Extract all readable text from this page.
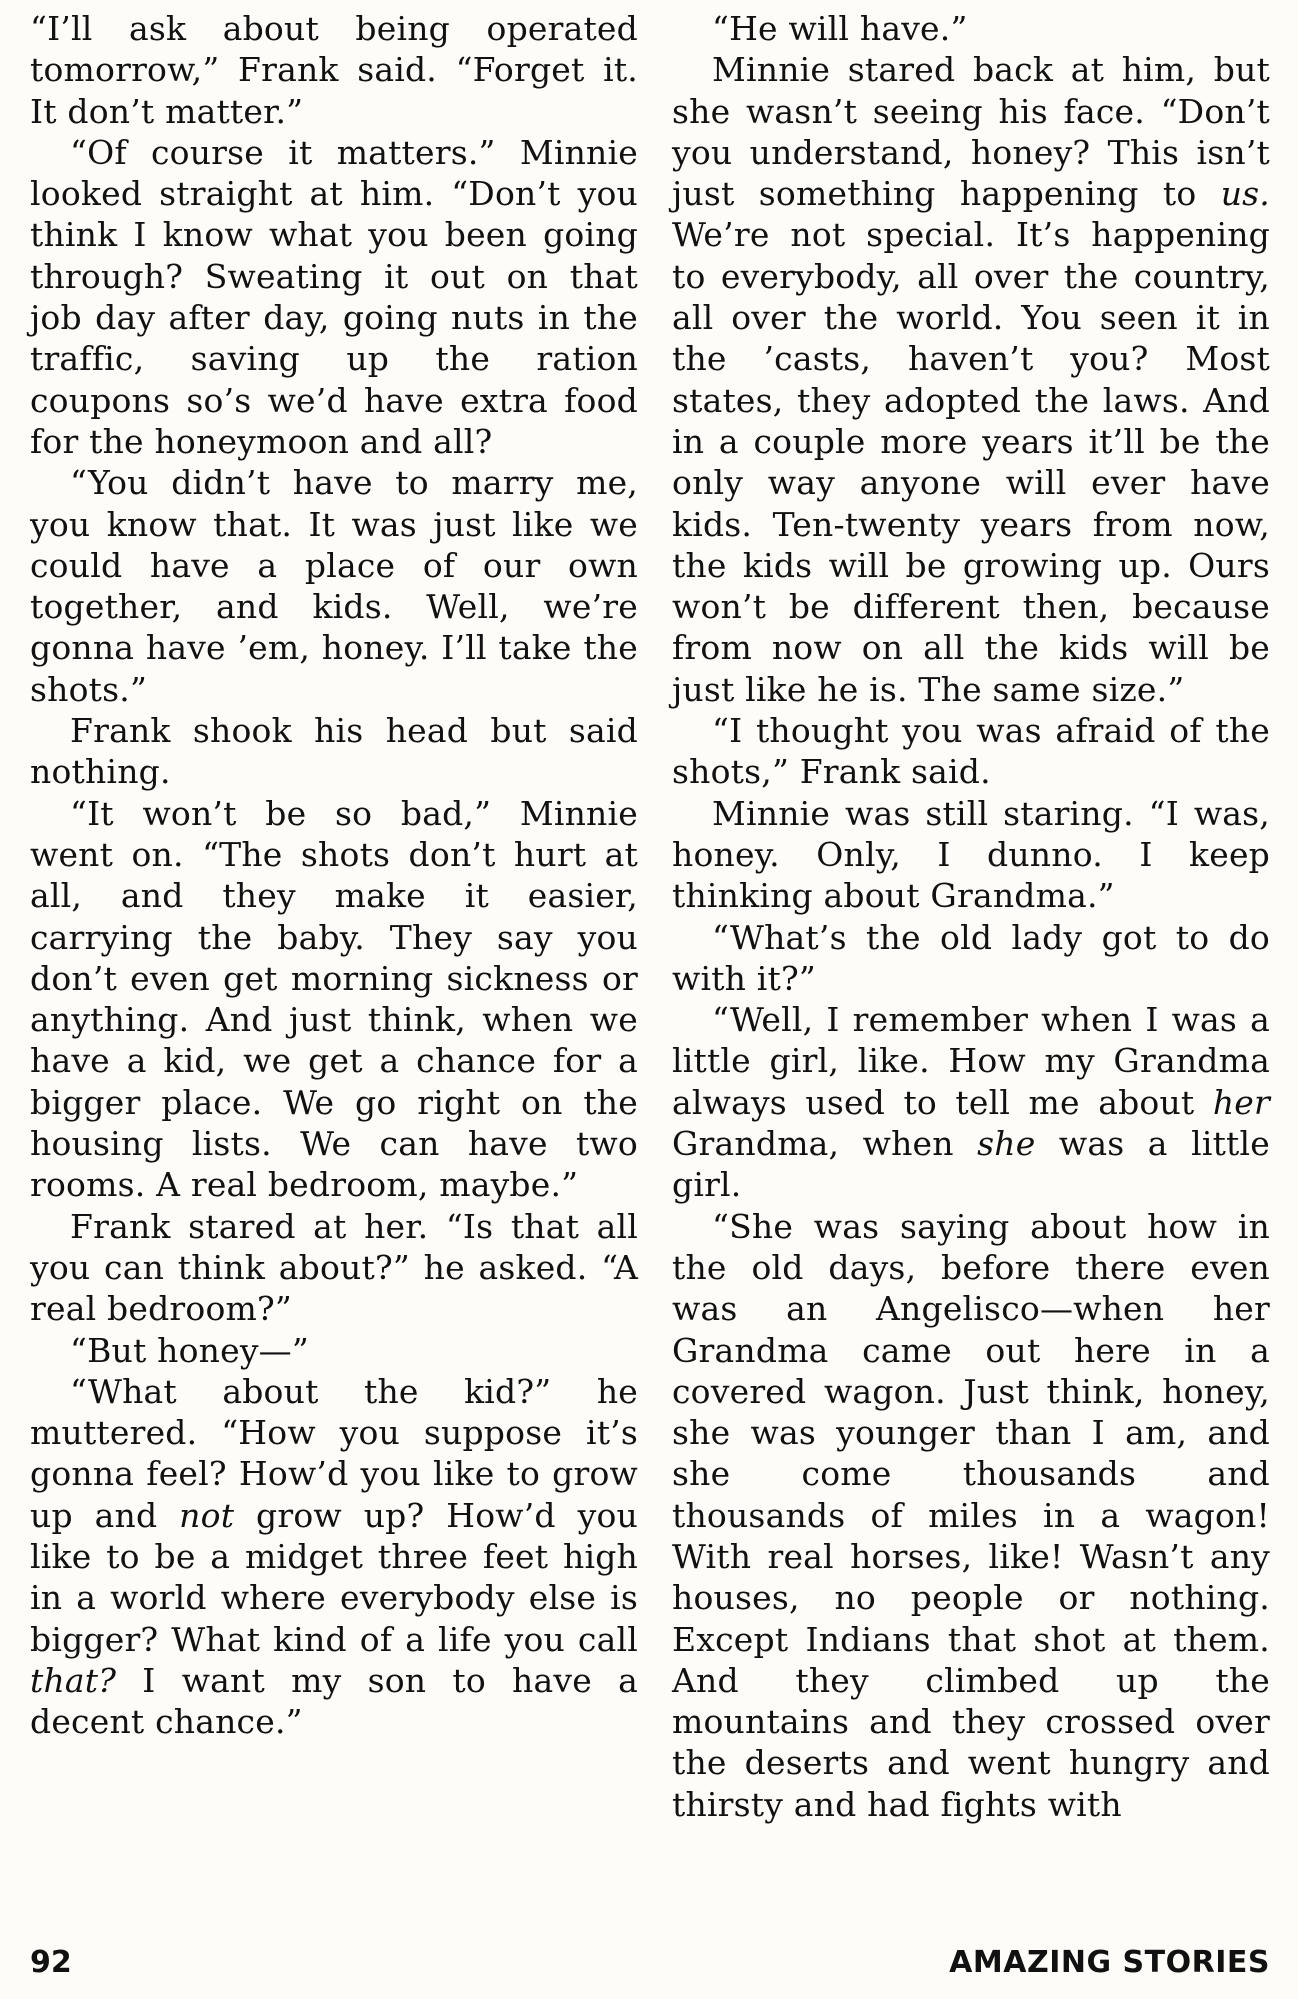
“I’ll ask about being operated tomorrow,” Frank said. “Forget it. It don’t matter.”

“Of course it matters.” Minnie looked straight at him. “Don’t you think I know what you been going through? Sweating it out on that job day after day, going nuts in the traffic, saving up the ration coupons so’s we’d have extra food for the honeymoon and all?

“You didn’t have to marry me, you know that. It was just like we could have a place of our own together, and kids. Well, we’re gonna have ’em, honey. I’ll take the shots.”

Frank shook his head but said nothing.

“It won’t be so bad,” Minnie went on. “The shots don’t hurt at all, and they make it easier, carrying the baby. They say you don’t even get morning sickness or anything. And just think, when we have a kid, we get a chance for a bigger place. We go right on the housing lists. We can have two rooms. A real bedroom, maybe.”

Frank stared at her. “Is that all you can think about?” he asked. “A real bedroom?”

“But honey—”

“What about the kid?” he muttered. “How you suppose it’s gonna feel? How’d you like to grow up and not grow up? How’d you like to be a midget three feet high in a world where everybody else is bigger? What kind of a life you call that? I want my son to have a decent chance.”

“He will have.”

Minnie stared back at him, but she wasn’t seeing his face. “Don’t you understand, honey? This isn’t just something happening to us. We’re not special. It’s happening to everybody, all over the country, all over the world. You seen it in the ’casts, haven’t you? Most states, they adopted the laws. And in a couple more years it’ll be the only way anyone will ever have kids. Ten-twenty years from now, the kids will be growing up. Ours won’t be different then, because from now on all the kids will be just like he is. The same size.”

“I thought you was afraid of the shots,” Frank said.

Minnie was still staring. “I was, honey. Only, I dunno. I keep thinking about Grandma.”

“What’s the old lady got to do with it?”

“Well, I remember when I was a little girl, like. How my Grandma always used to tell me about her Grandma, when she was a little girl.

“She was saying about how in the old days, before there even was an Angelisco—when her Grandma came out here in a covered wagon. Just think, honey, she was younger than I am, and she come thousands and thousands of miles in a wagon! With real horses, like! Wasn’t any houses, no people or nothing. Except Indians that shot at them. And they climbed up the mountains and they crossed over the deserts and went hungry and thirsty and had fights with

92	AMAZING STORIES
